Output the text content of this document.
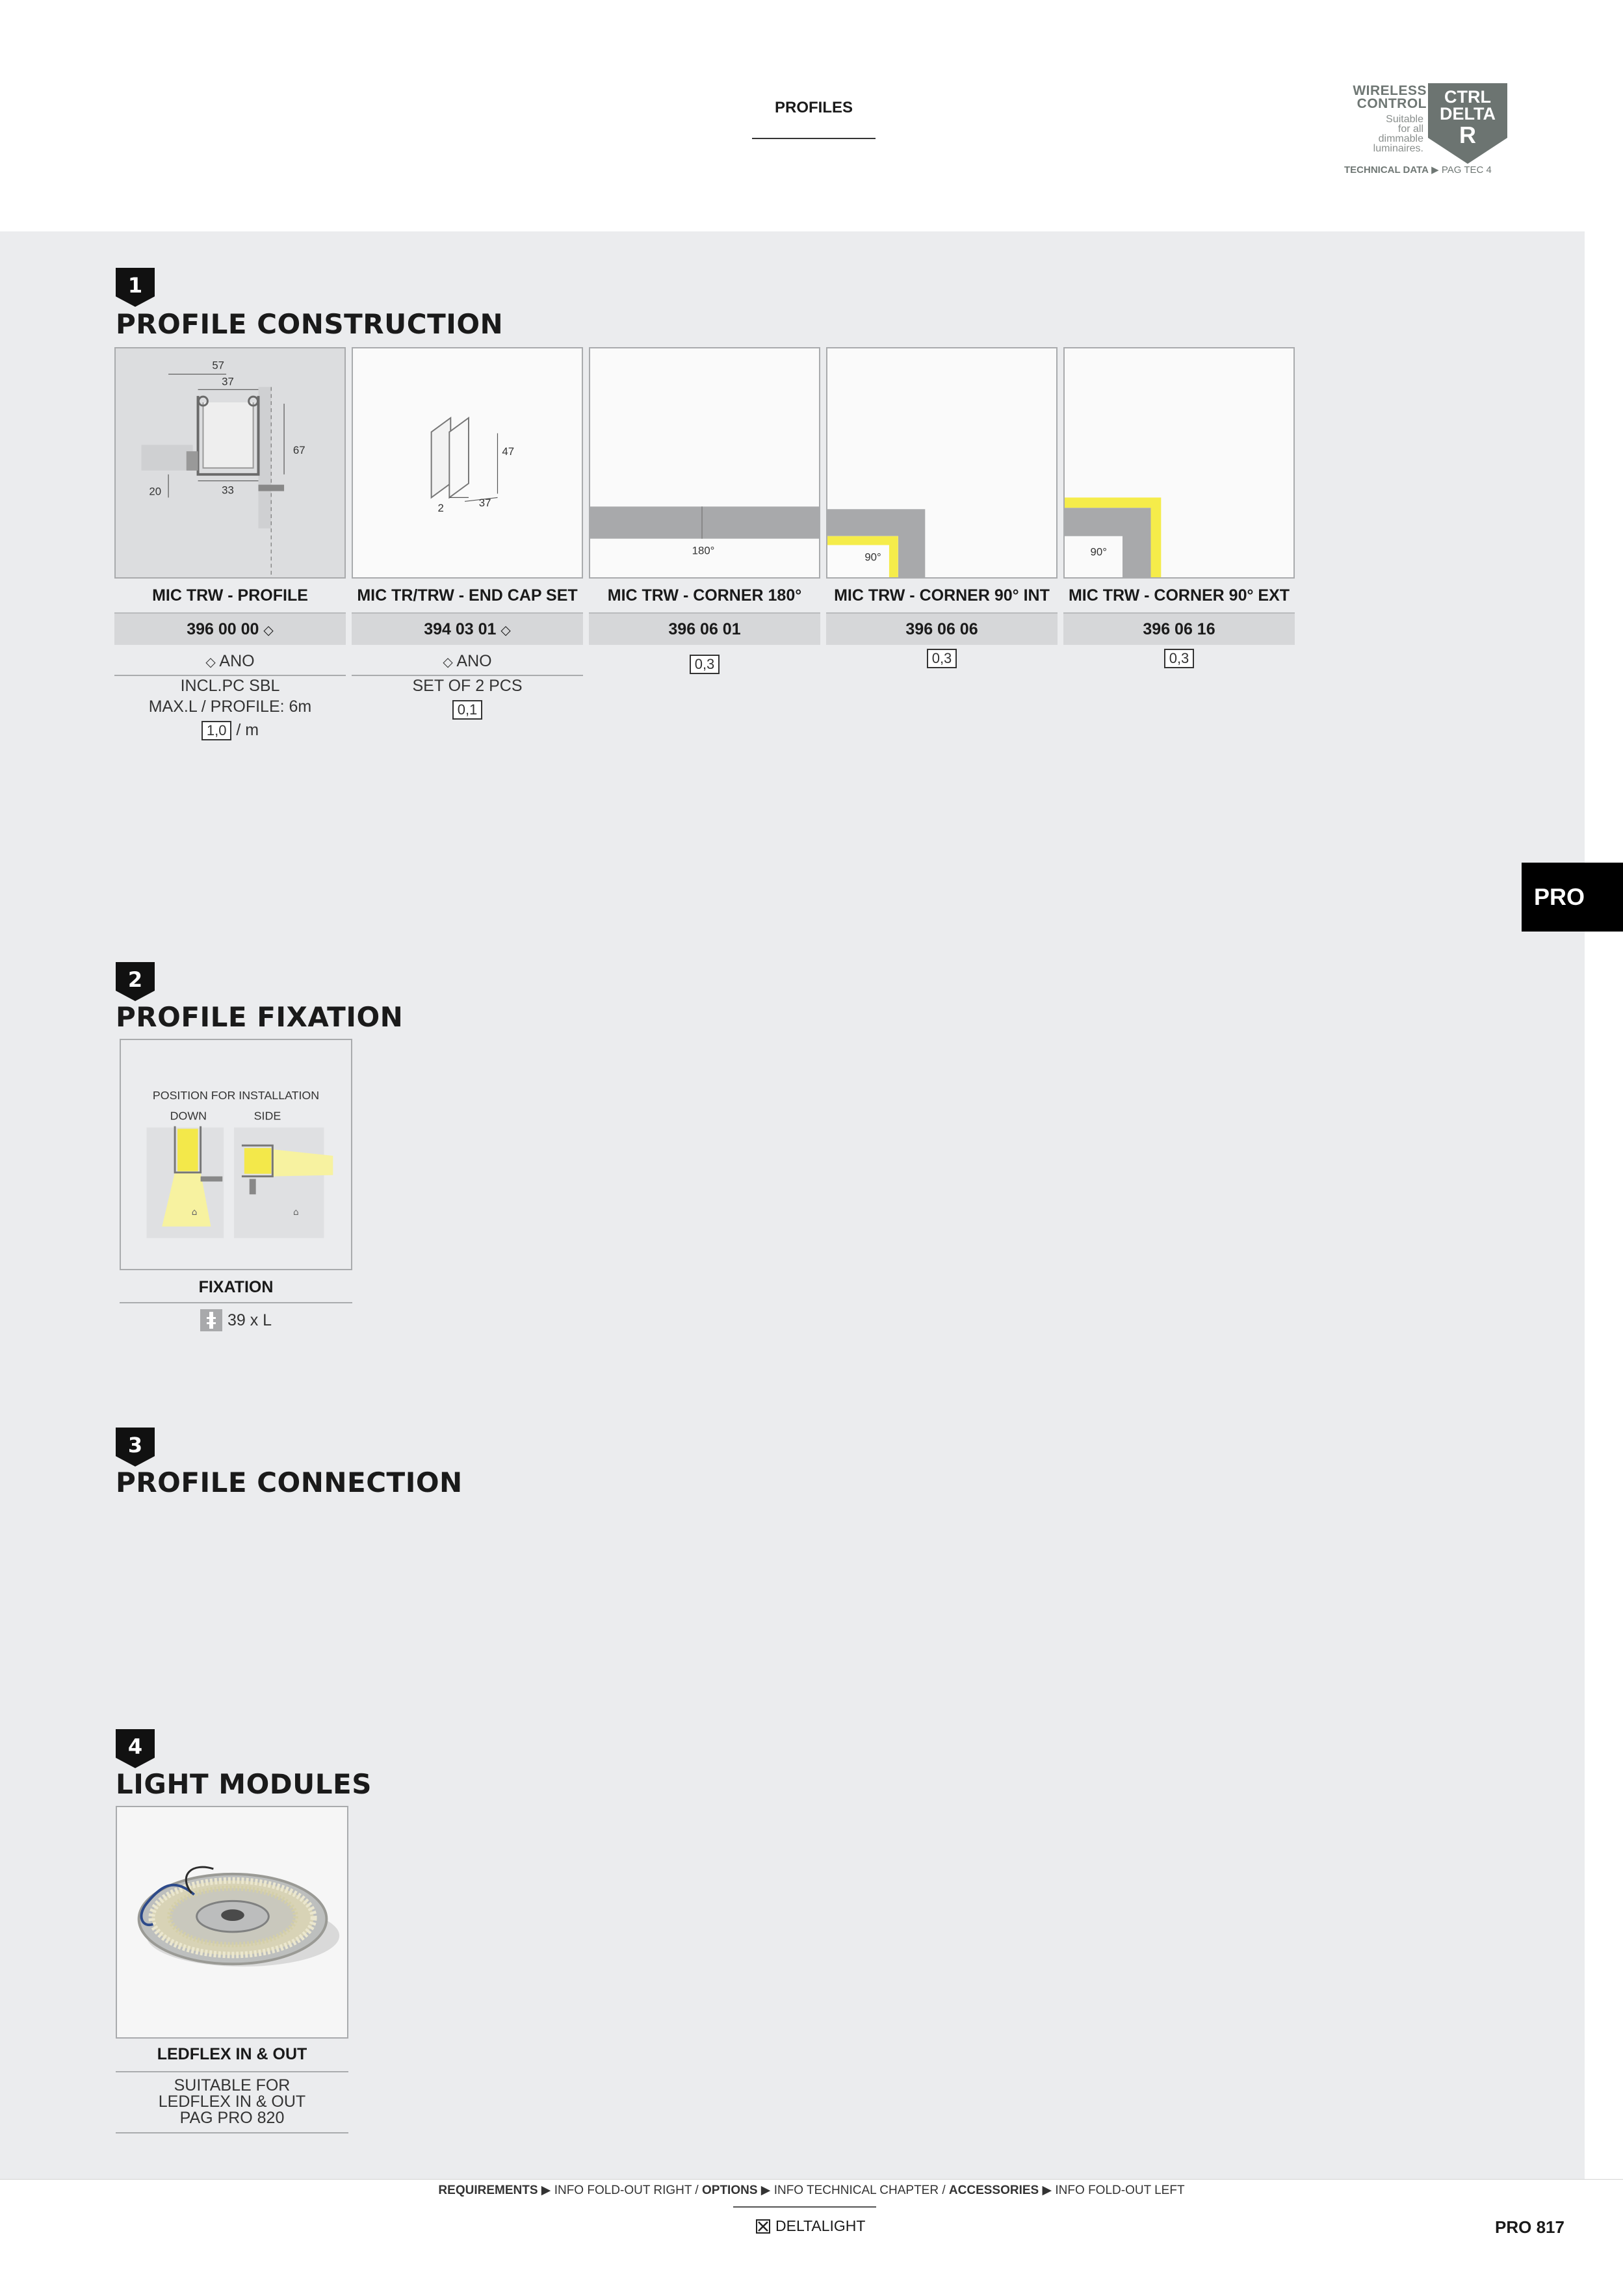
PROFILES
WIRELESS
CONTROL
Suitable
for all
dimmable
luminaires.
CTRL
DELTA
R
TECHNICAL DATA ▶ PAG TEC 4
PRO
1
PROFILE CONSTRUCTION
2
PROFILE FIXATION
3
PROFILE CONNECTION
4
LIGHT MODULES
57
37
67
33
20
47
2	37
180°
90°	90°
MIC TRW - PROFILE	MIC TR/TRW - END CAP SET	MIC TRW - CORNER 180°	MIC TRW - CORNER 90° INT	MIC TRW - CORNER 90° EXT
396 00 00 ◇	394 03 01 ◇	396 06 01	396 06 06	396 06 16
◇ ANO
INCL.PC SBL
MAX.L / PROFILE: 6m
1,0 / m
◇ ANO
SET OF 2 PCS
0,1
0,3	0,3	0,3
POSITION FOR INSTALLATION
DOWN	SIDE
⌂	⌂
FIXATION
39 x L
LEDFLEX IN & OUT
SUITABLE FOR
LEDFLEX IN & OUT
PAG PRO 820
REQUIREMENTS ▶ INFO FOLD-OUT RIGHT / OPTIONS ▶ INFO TECHNICAL CHAPTER / ACCESSORIES ▶ INFO FOLD-OUT LEFT
DELTALIGHT	PRO 817
